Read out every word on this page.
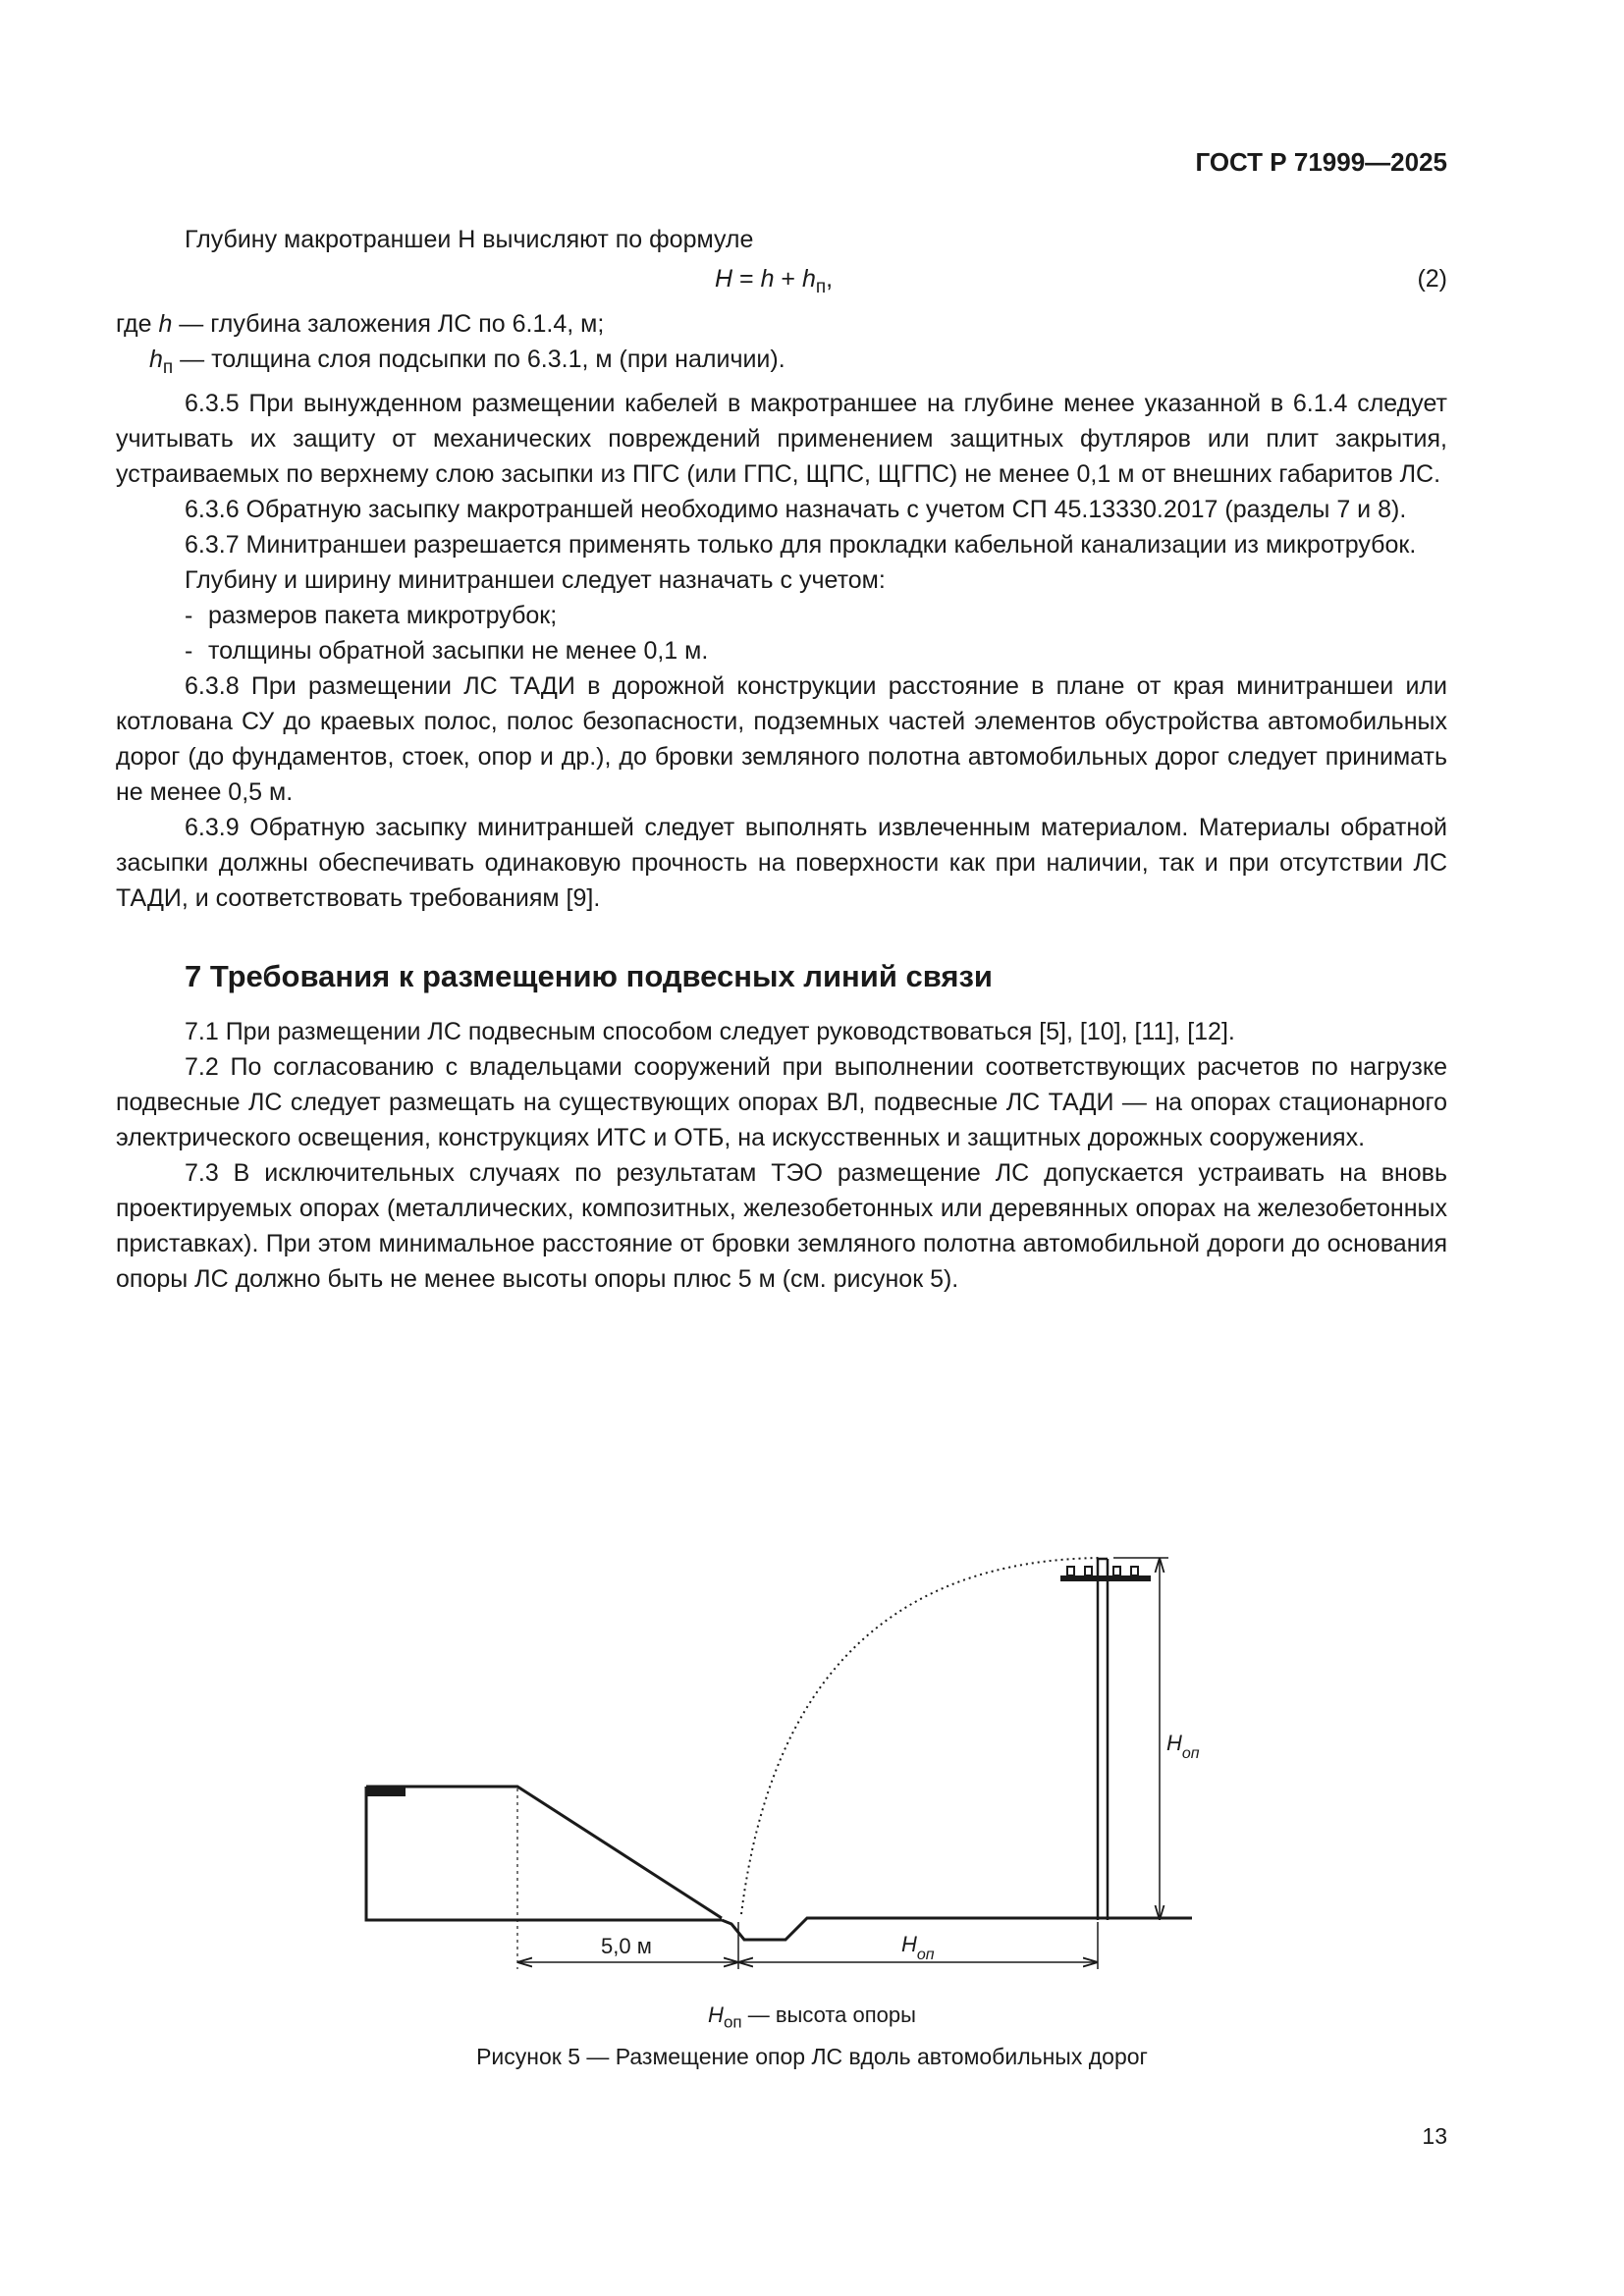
ГОСТ Р 71999—2025

Глубину макротраншеи H вычисляют по формуле

$H = h + h_п$,	(2)

где h — глубина заложения ЛС по 6.1.4, м;

$h_п$ — толщина слоя подсыпки по 6.3.1, м (при наличии).

6.3.5 При вынужденном размещении кабелей в макротраншее на глубине менее указанной в 6.1.4 следует учитывать их защиту от механических повреждений применением защитных футляров или плит закрытия, устраиваемых по верхнему слою засыпки из ПГС (или ГПС, ЩПС, ЩГПС) не менее 0,1 м от внешних габаритов ЛС.

6.3.6 Обратную засыпку макротраншей необходимо назначать с учетом СП 45.13330.2017 (разделы 7 и 8).

6.3.7 Минитраншеи разрешается применять только для прокладки кабельной канализации из микротрубок.

Глубину и ширину минитраншеи следует назначать с учетом:

- размеров пакета микротрубок;

- толщины обратной засыпки не менее 0,1 м.

6.3.8 При размещении ЛС ТАДИ в дорожной конструкции расстояние в плане от края минитраншеи или котлована СУ до краевых полос, полос безопасности, подземных частей элементов обустройства автомобильных дорог (до фундаментов, стоек, опор и др.), до бровки земляного полотна автомобильных дорог следует принимать не менее 0,5 м.

6.3.9 Обратную засыпку минитраншей следует выполнять извлеченным материалом. Материалы обратной засыпки должны обеспечивать одинаковую прочность на поверхности как при наличии, так и при отсутствии ЛС ТАДИ, и соответствовать требованиям [9].

7 Требования к размещению подвесных линий связи

7.1 При размещении ЛС подвесным способом следует руководствоваться [5], [10], [11], [12].

7.2 По согласованию с владельцами сооружений при выполнении соответствующих расчетов по нагрузке подвесные ЛС следует размещать на существующих опорах ВЛ, подвесные ЛС ТАДИ — на опорах стационарного электрического освещения, конструкциях ИТС и ОТБ, на искусственных и защитных дорожных сооружениях.

7.3 В исключительных случаях по результатам ТЭО размещение ЛС допускается устраивать на вновь проектируемых опорах (металлических, композитных, железобетонных или деревянных опорах на железобетонных приставках). При этом минимальное расстояние от бровки земляного полотна автомобильной дороги до основания опоры ЛС должно быть не менее высоты опоры плюс 5 м (см. рисунок 5).

$H_{оп}$
5,0 м	$H_{оп}$
$H_{оп}$ — высота опоры
Рисунок 5 — Размещение опор ЛС вдоль автомобильных дорог
13
